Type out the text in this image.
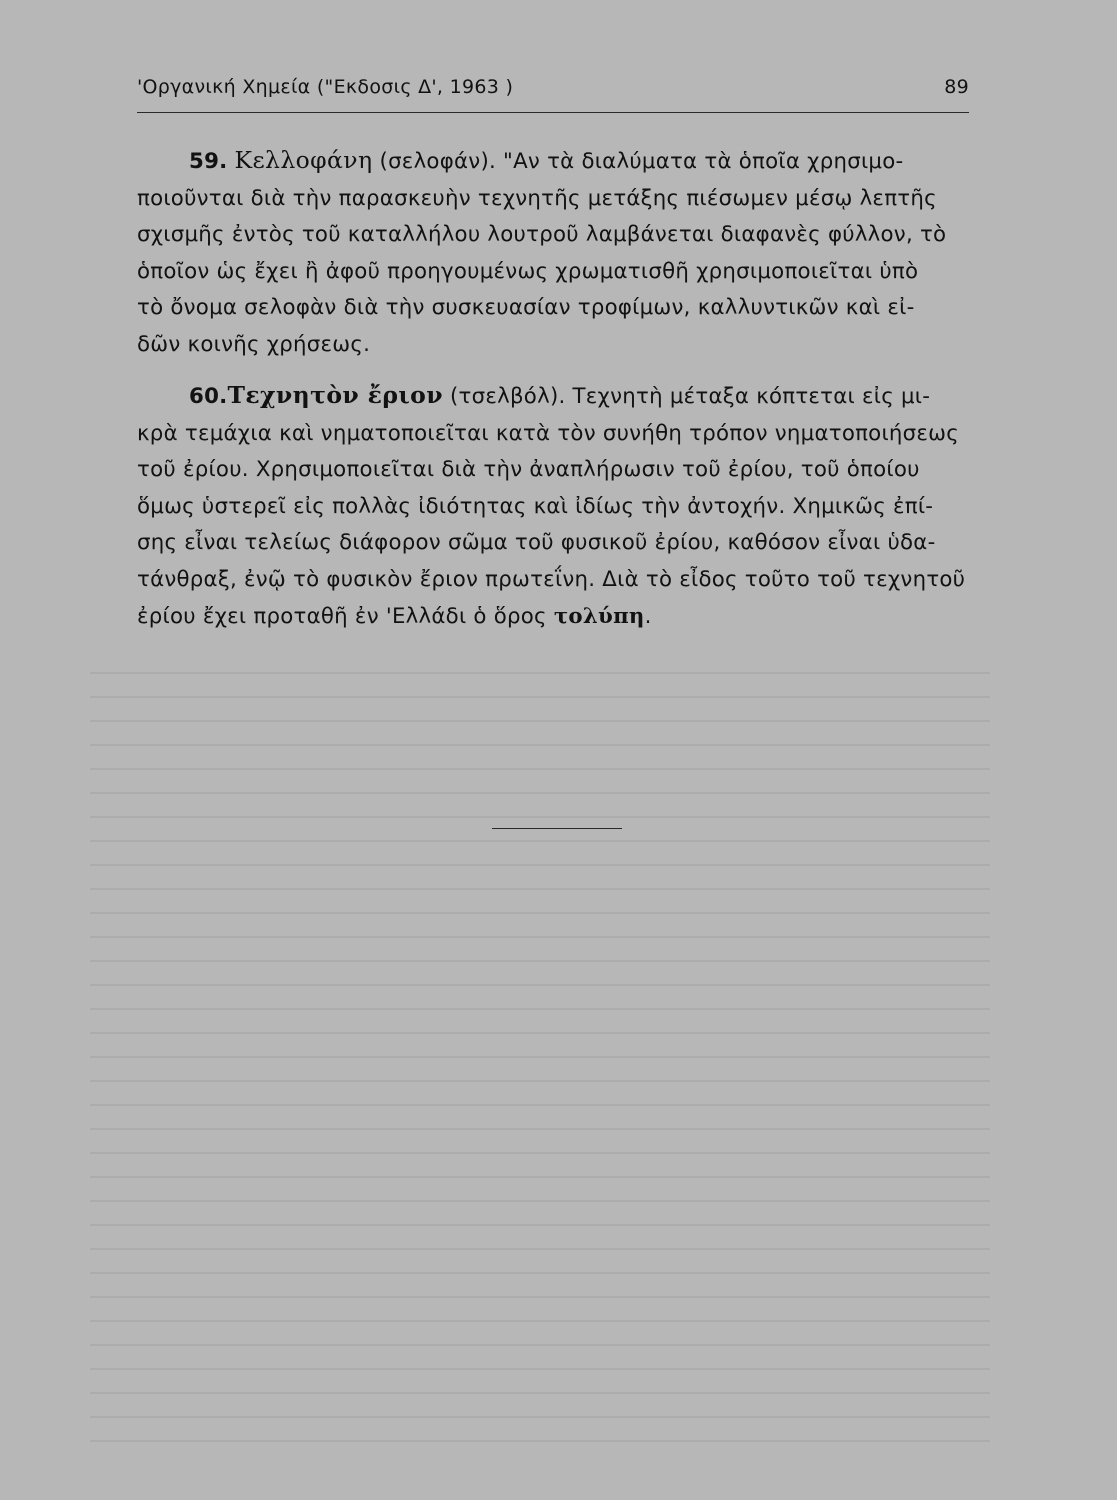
'Οργανική Χημεία ("Εκδοσις Δ', 1963 )	89
59. Κελλοφάνη (σελοφάν). "Αν τὰ διαλύματα τὰ ὁποῖα χρησιμο-
ποιοῦνται διὰ τὴν παρασκευὴν τεχνητῆς μετάξης πιέσωμεν μέσῳ λεπτῆς
σχισμῆς ἐντὸς τοῦ καταλλήλου λουτροῦ λαμβάνεται διαφανὲς φύλλον, τὸ
ὁποῖον ὡς ἔχει ἢ ἀφοῦ προηγουμένως χρωματισθῆ χρησιμοποιεῖται ὑπὸ
τὸ ὄνομα σελοφὰν διὰ τὴν συσκευασίαν τροφίμων, καλλυντικῶν καὶ εἰ-
δῶν κοινῆς χρήσεως.
60.Τεχνητὸν ἔριον (τσελβόλ). Τεχνητὴ μέταξα κόπτεται εἰς μι-
κρὰ τεμάχια καὶ νηματοποιεῖται κατὰ τὸν συνήθη τρόπον νηματοποιήσεως
τοῦ ἐρίου. Χρησιμοποιεῖται διὰ τὴν ἀναπλήρωσιν τοῦ ἐρίου, τοῦ ὁποίου
ὅμως ὑστερεῖ εἰς πολλὰς ἰδιότητας καὶ ἰδίως τὴν ἀντοχήν. Χημικῶς ἐπί-
σης εἶναι τελείως διάφορον σῶμα τοῦ φυσικοῦ ἐρίου, καθόσον εἶναι ὑδα-
τάνθραξ, ἐνῷ τὸ φυσικὸν ἔριον πρωτεΐνη. Διὰ τὸ εἶδος τοῦτο τοῦ τεχνητοῦ
ἐρίου ἔχει προταθῆ ἐν 'Ελλάδι ὁ ὅρος τολύπη.
